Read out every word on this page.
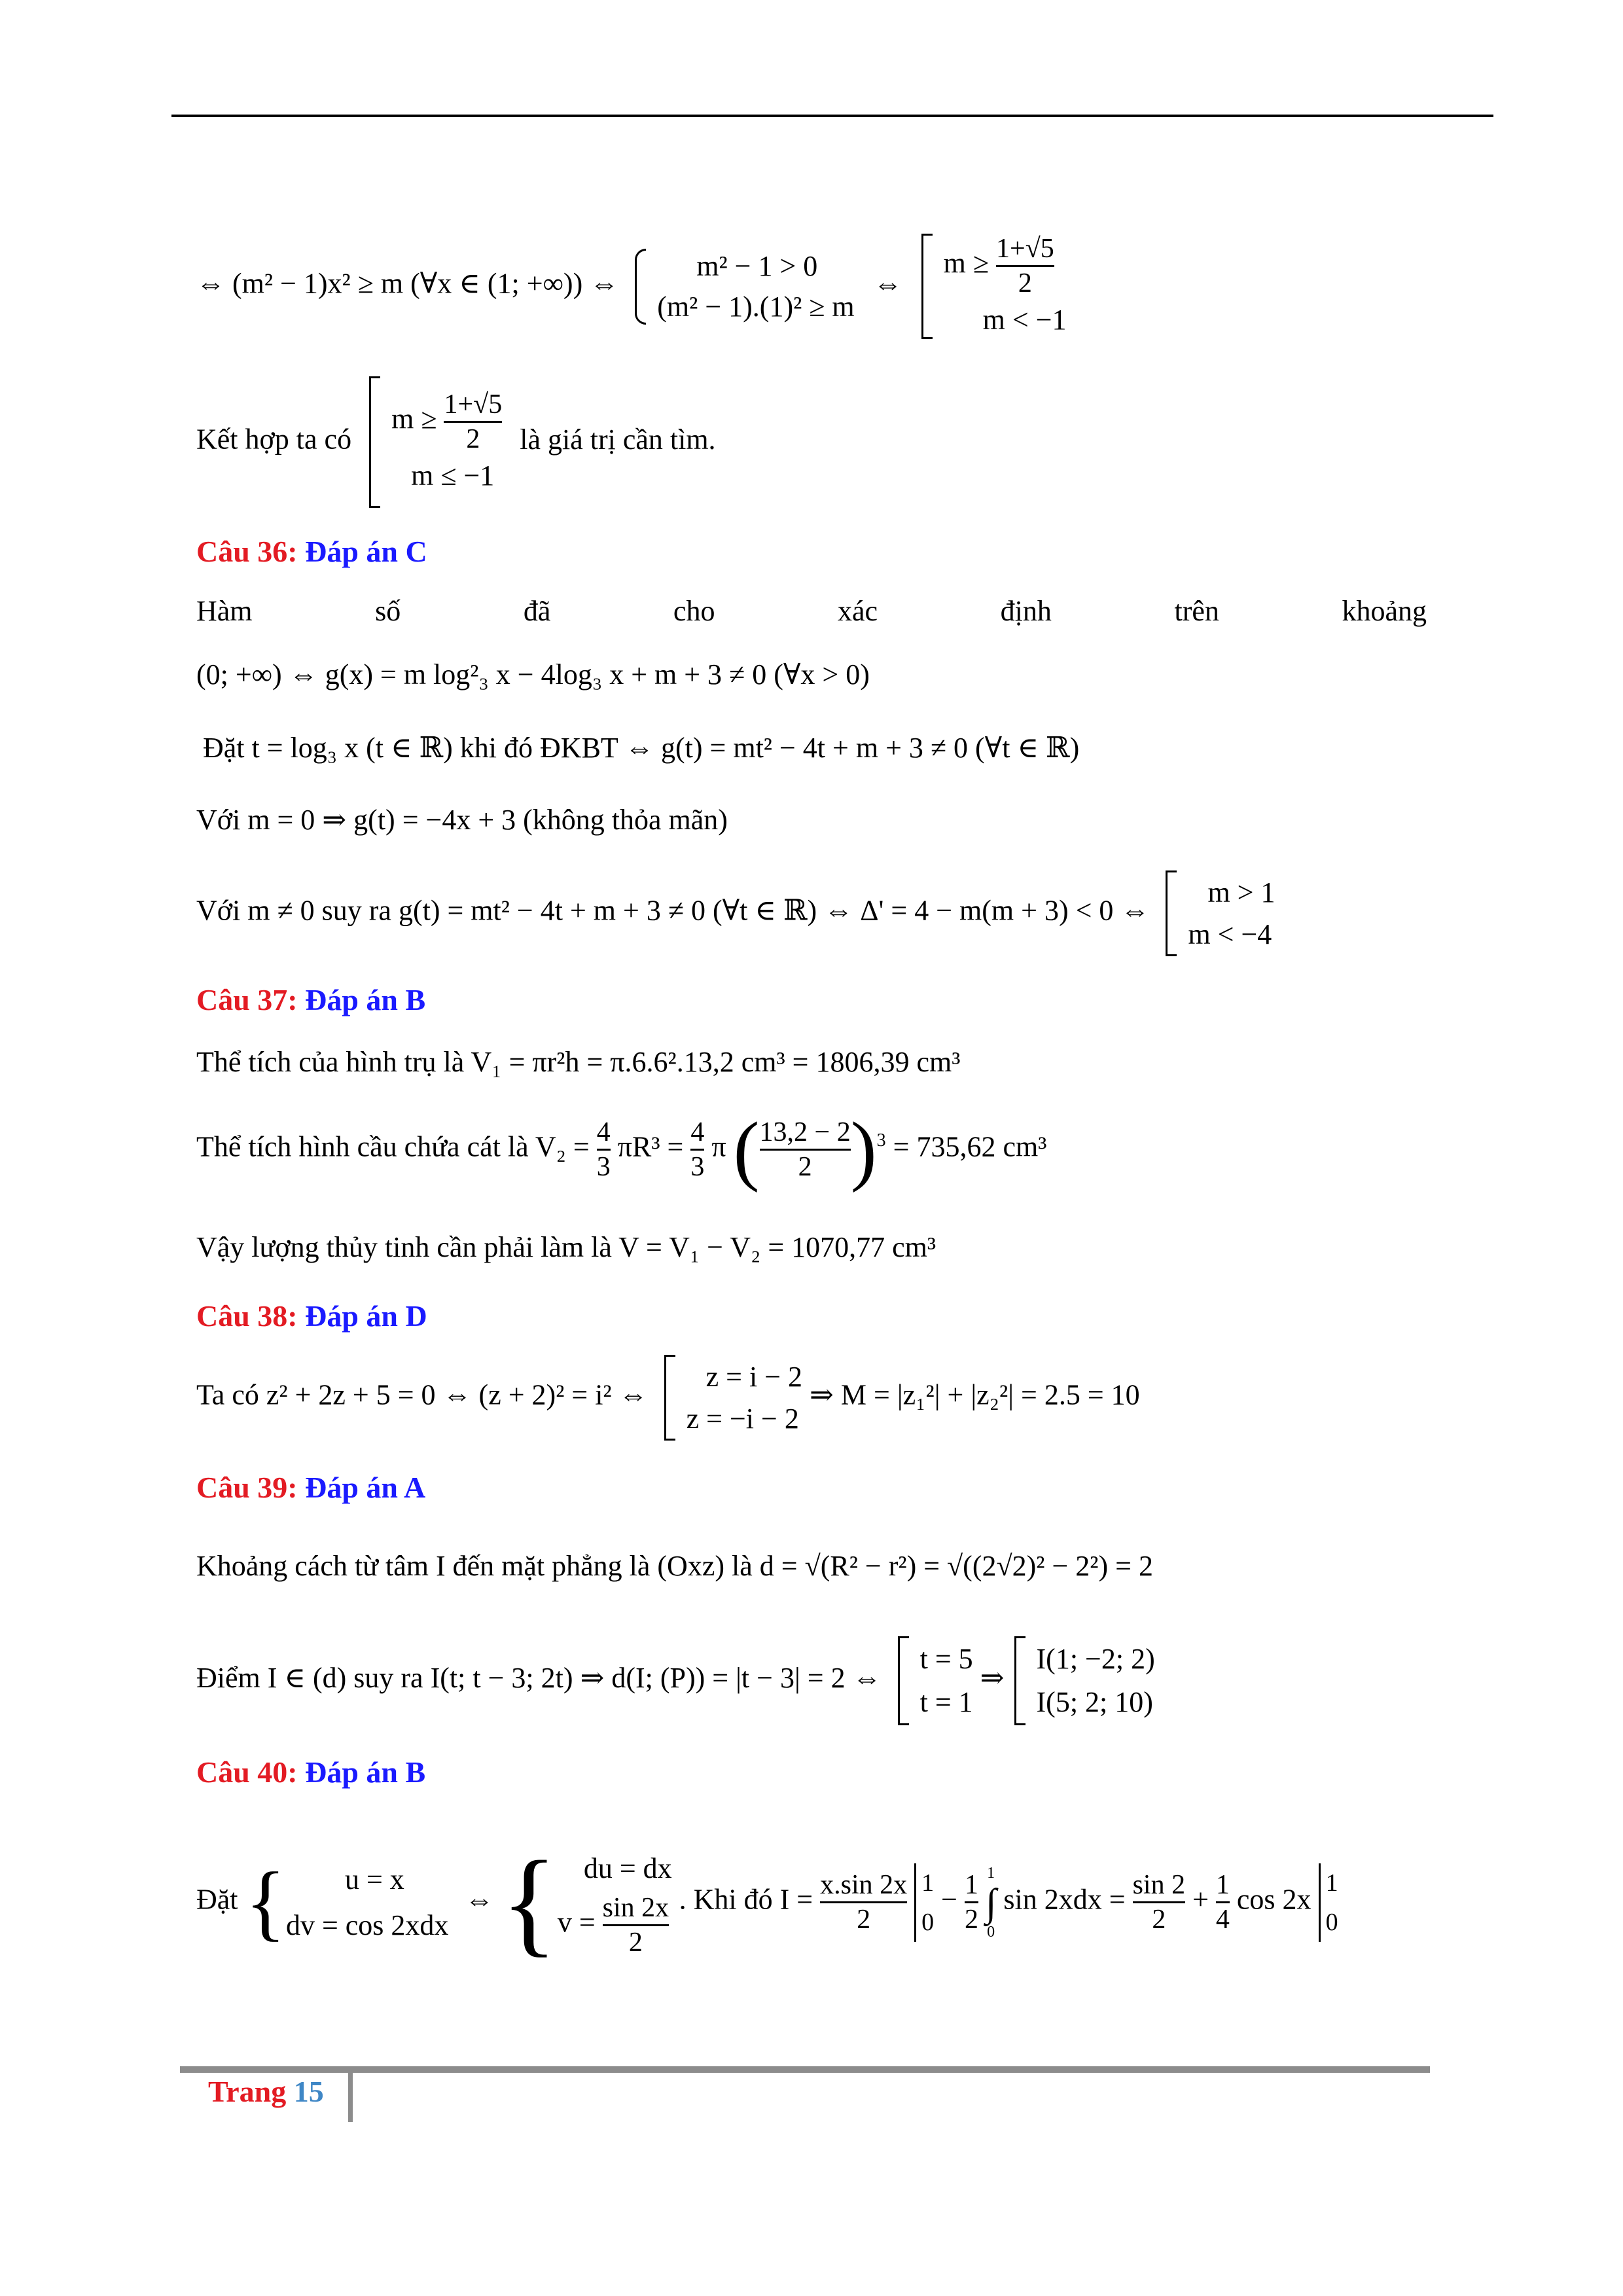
⇔ (m² − 1)x² ≥ m (∀x ∈ (1; +∞)) ⇔
m² − 1 > 0
(m² − 1).(1)² ≥ m
⇔
$m \ge \frac{1+√5}{2}$
m < −1
Kết hợp ta có
$m \ge \frac{1+√5}{2}$
m ≤ −1
là giá trị cần tìm.
Câu 36: Đáp án C
Hàm	số	đã	cho	xác	định	trên	khoảng
(0; +∞) ⇔ g(x) = m log²₃ x − 4log₃ x + m + 3 ≠ 0 (∀x > 0)
Đặt t = log₃ x (t ∈ ℝ) khi đó ĐKBT ⇔ g(t) = mt² − 4t + m + 3 ≠ 0 (∀t ∈ ℝ)
Với m = 0 ⇒ g(t) = −4x + 3 (không thỏa mãn)
Với m ≠ 0 suy ra g(t) = mt² − 4t + m + 3 ≠ 0 (∀t ∈ ℝ) ⇔ Δ' = 4 − m(m + 3) < 0 ⇔
m > 1
m < −4
Câu 37: Đáp án B
Thể tích của hình trụ là V₁ = πr²h = π.6.6².13,2 cm³ = 1806,39 cm³
Thể tích hình cầu chứa cát là $V_2 = \frac{4}{3} \pi R^3 = \frac{4}{3}$ π ( $\frac{13,2 - 2}{2} )^3 = 735,62$ cm³
Vậy lượng thủy tinh cần phải làm là V = V₁ − V₂ = 1070,77 cm³
Câu 38: Đáp án D
Ta có z² + 2z + 5 = 0 ⇔ (z + 2)² = i² ⇔
z = i − 2
z = −i − 2
⇒ M = |z₁²| + |z₂²| = 2.5 = 10
Câu 39: Đáp án A
Khoảng cách từ tâm I đến mặt phẳng là (Oxz) là d = √(R² − r²) = √((2√2)² − 2²) = 2
Điểm I ∈ (d) suy ra I(t; t − 3; 2t) ⇒ d(I; (P)) = |t − 3| = 2 ⇔
t = 5
t = 1
⇒
I(1; −2; 2)
I(5; 2; 10)
Câu 40: Đáp án B
Đặt {	u = x
dv = cos 2xdx
⇔ { du = dx
$v = \frac{\sin 2x}{2}$ . Khi đó $I = \frac{x.\sin 2x}{2}$
1
0
− $\frac{1}{2}$
1
∫
0
$\sin 2xdx = \frac{\sin 2}{2} + \frac{1}{4}$ cos 2x
1
0
Trang 15
